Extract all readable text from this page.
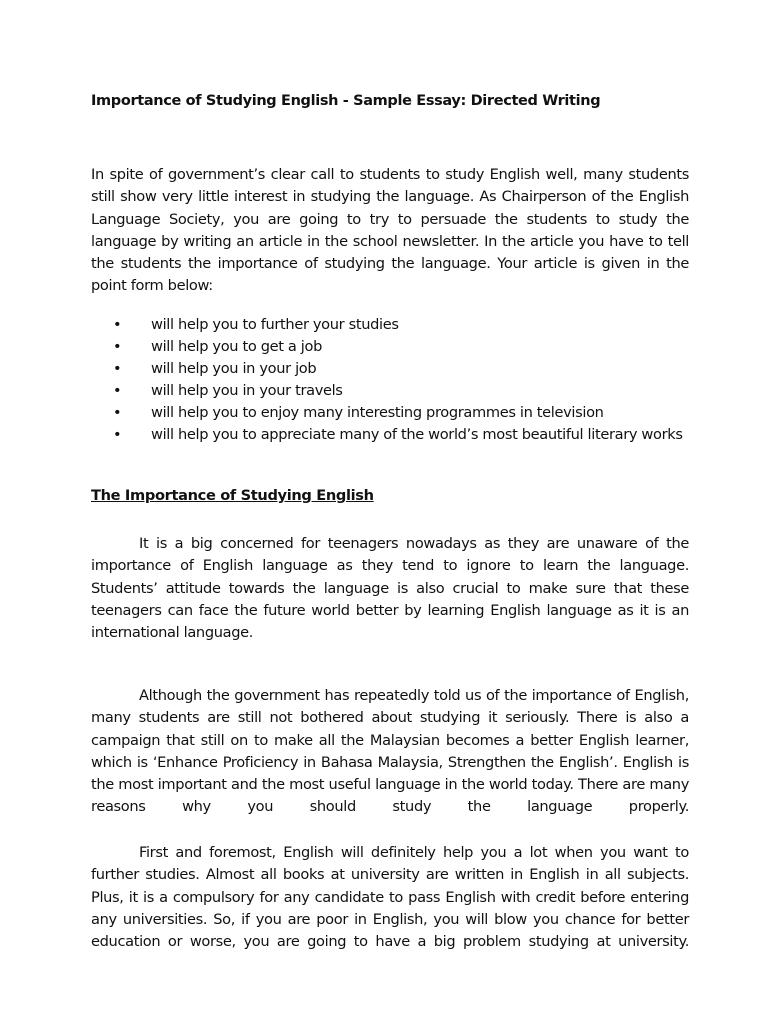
Importance of Studying English - Sample Essay: Directed Writing

In spite of government’s clear call to students to study English well, many students still show very little interest in studying the language. As Chairperson of the English Language Society, you are going to try to persuade the students to study the language by writing an article in the school newsletter. In the article you have to tell the students the importance of studying the language. Your article is given in the point form below:

• will help you to further your studies
• will help you to get a job
• will help you in your job
• will help you in your travels
• will help you to enjoy many interesting programmes in television
• will help you to appreciate many of the world’s most beautiful literary works
The Importance of Studying English

It is a big concerned for teenagers nowadays as they are unaware of the importance of English language as they tend to ignore to learn the language. Students’ attitude towards the language is also crucial to make sure that these teenagers can face the future world better by learning English language as it is an international language.

Although the government has repeatedly told us of the importance of English, many students are still not bothered about studying it seriously. There is also a campaign that still on to make all the Malaysian becomes a better English learner, which is ‘Enhance Proficiency in Bahasa Malaysia, Strengthen the English’. English is the most important and the most useful language in the world today. There are many reasons why you should study the language properly.

First and foremost, English will definitely help you a lot when you want to further studies. Almost all books at university are written in English in all subjects. Plus, it is a compulsory for any candidate to pass English with credit before entering any universities. So, if you are poor in English, you will blow you chance for better education or worse, you are going to have a big problem studying at university.
